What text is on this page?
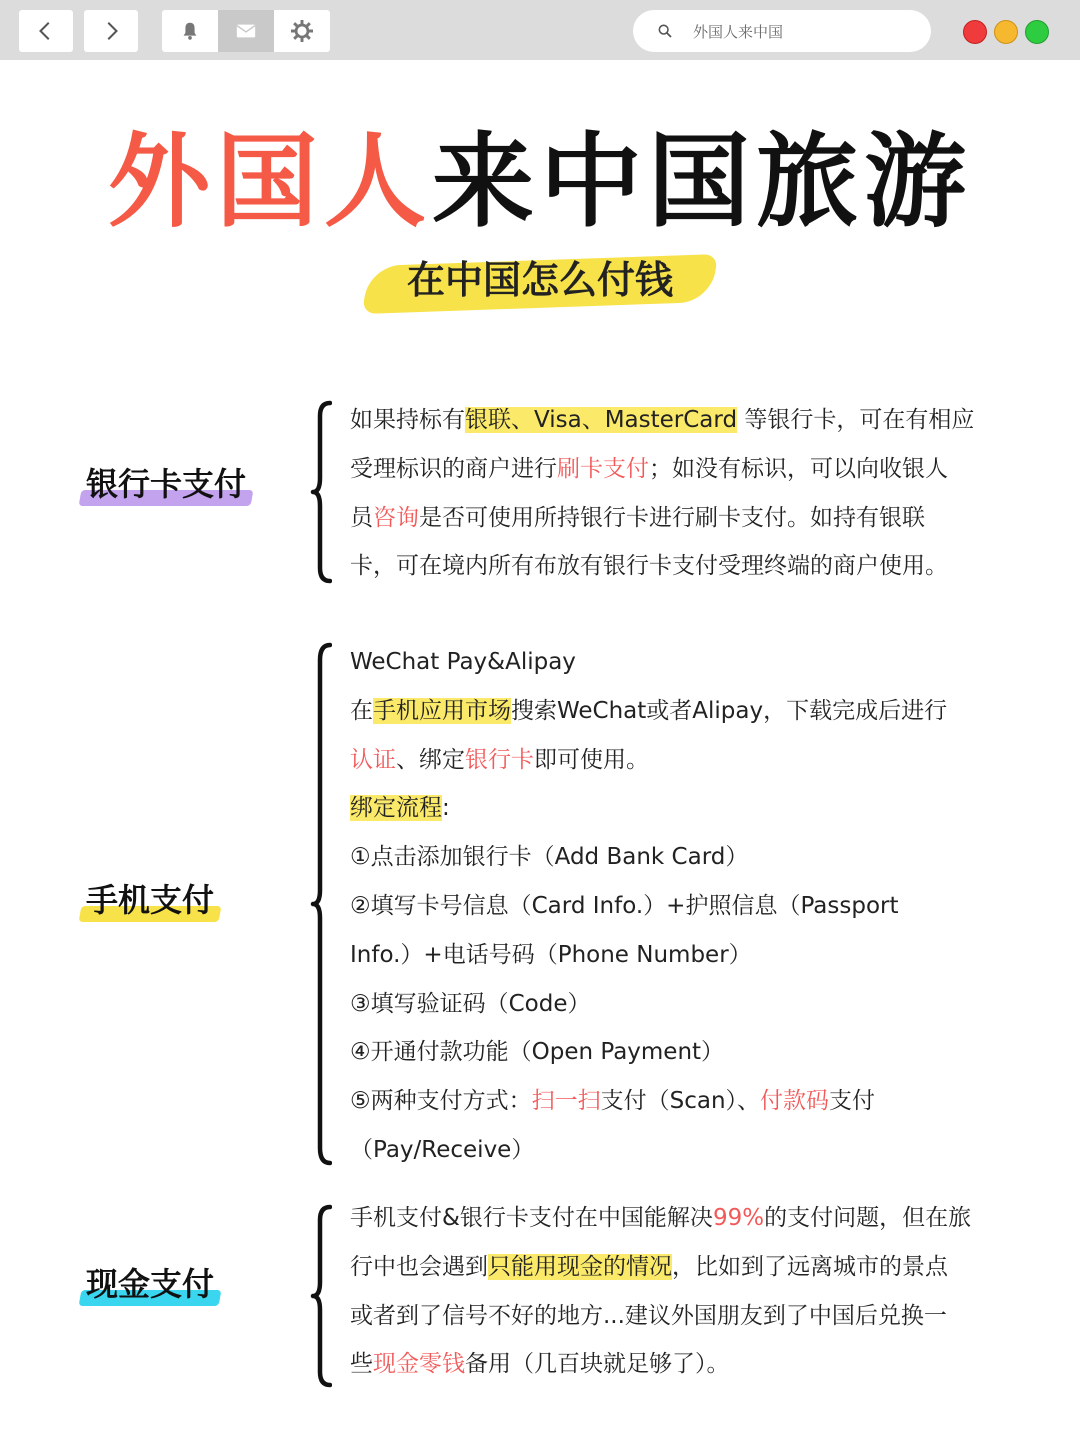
外国人来中国
外国人来中国旅游
在中国怎么付钱
银行卡支付

如果持标有银联、Visa、MasterCard 等银行卡，可在有相应

受理标识的商户进行刷卡支付；如没有标识，可以向收银人

员咨询是否可使用所持银行卡进行刷卡支付。如持有银联

卡，可在境内所有布放有银行卡支付受理终端的商户使用。

手机支付

WeChat Pay&Alipay

在手机应用市场搜索WeChat或者Alipay，下载完成后进行

认证、绑定银行卡即可使用。

绑定流程:

①点击添加银行卡（Add Bank Card）

②填写卡号信息（Card Info.）+护照信息（Passport

Info.）+电话号码（Phone Number）

③填写验证码（Code）

④开通付款功能（Open Payment）

⑤两种支付方式：扫一扫支付（Scan）、付款码支付

（Pay/Receive）

现金支付

手机支付&银行卡支付在中国能解决99%的支付问题，但在旅

行中也会遇到只能用现金的情况，比如到了远离城市的景点

或者到了信号不好的地方...建议外国朋友到了中国后兑换一

些现金零钱备用（几百块就足够了）。
